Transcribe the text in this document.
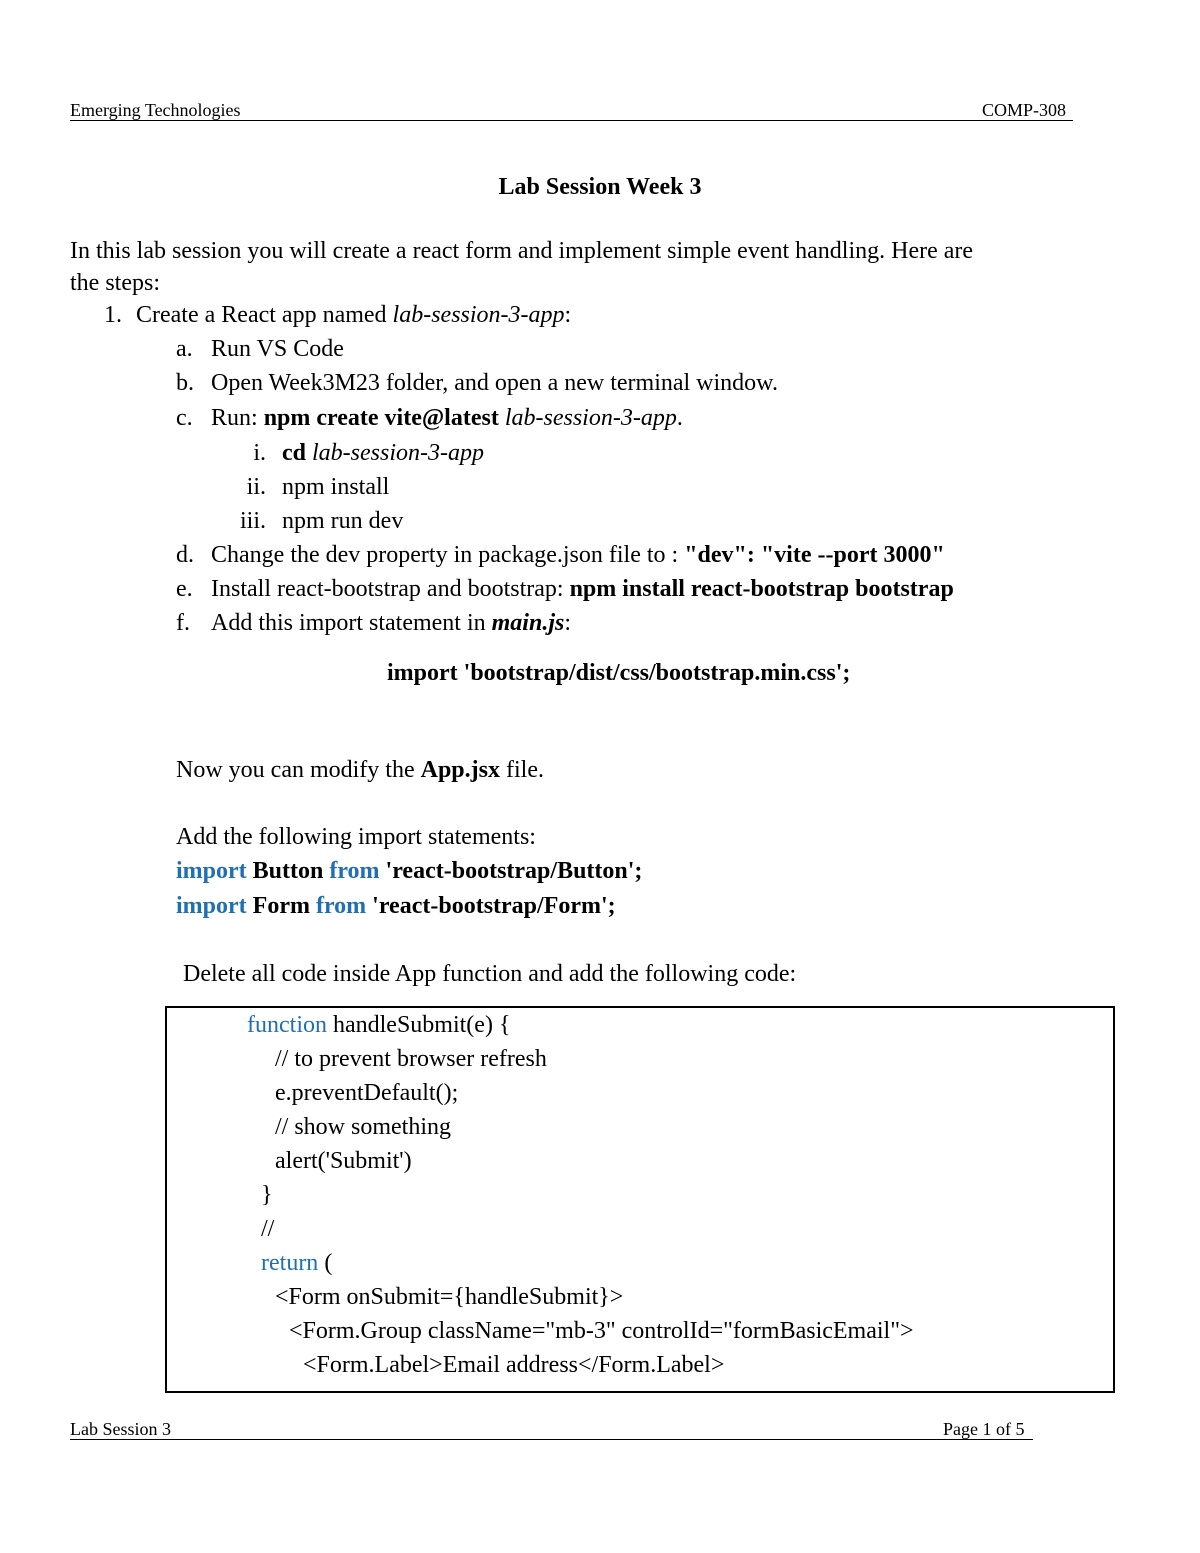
Emerging Technologies	COMP-308
Lab Session Week 3
In this lab session you will create a react form and implement simple event handling. Here are
the steps:
1. Create a React app named lab-session-3-app:
a. Run VS Code
b. Open Week3M23 folder, and open a new terminal window.
c. Run: npm create vite@latest lab-session-3-app.
i. cd lab-session-3-app
ii. npm install
iii. npm run dev
d. Change the dev property in package.json file to : "dev": "vite --port 3000"
e. Install react-bootstrap and bootstrap: npm install react-bootstrap bootstrap
f. Add this import statement in main.js:
import 'bootstrap/dist/css/bootstrap.min.css';
Now you can modify the App.jsx file.
Add the following import statements:
import Button from 'react-bootstrap/Button';
import Form from 'react-bootstrap/Form';
Delete all code inside App function and add the following code:
function handleSubmit(e) {
// to prevent browser refresh
e.preventDefault();
// show something
alert('Submit')
}
//
return (
<Form onSubmit={handleSubmit}>
<Form.Group className="mb-3" controlId="formBasicEmail">
<Form.Label>Email address</Form.Label>
Lab Session 3	Page 1 of 5
